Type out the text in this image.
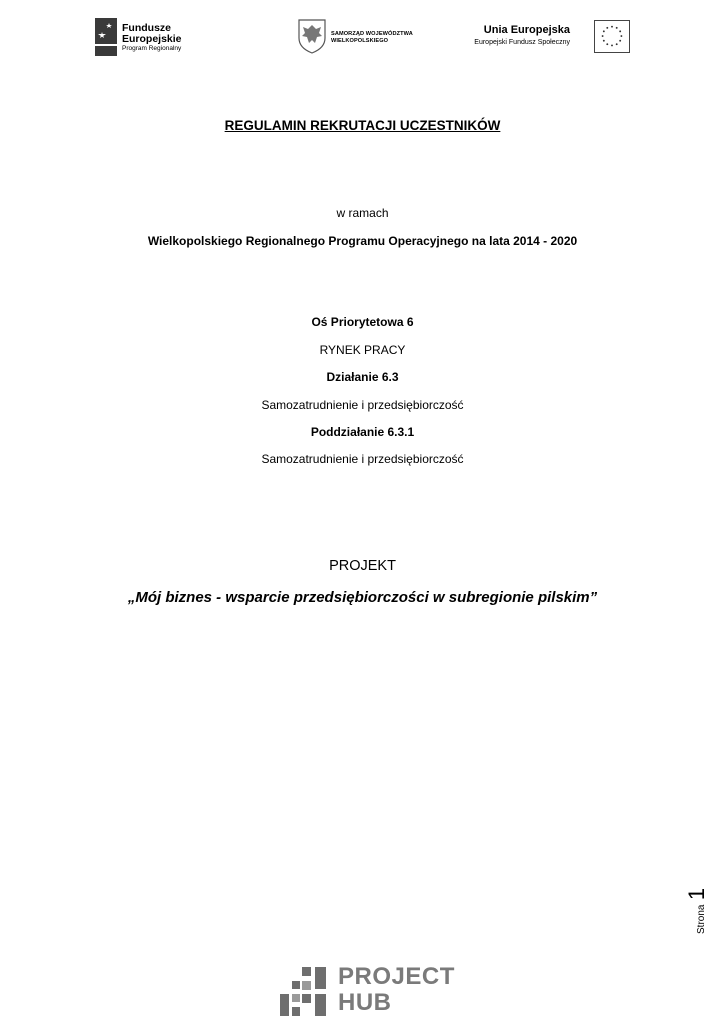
Fundusze
Europejskie
Program Regionalny
SAMORZĄD WOJEWÓDZTWA
WIELKOPOLSKIEGO
Unia Europejska
Europejski Fundusz Społeczny
REGULAMIN REKRUTACJI UCZESTNIKÓW
w ramach
Wielkopolskiego Regionalnego Programu Operacyjnego na lata 2014 - 2020
Oś Priorytetowa 6
RYNEK PRACY
Działanie 6.3
Samozatrudnienie i przedsiębiorczość
Poddziałanie 6.3.1
Samozatrudnienie i przedsiębiorczość
PROJEKT
„Mój biznes - wsparcie przedsiębiorczości w subregionie pilskim”
Strona 1
PROJECT
HUB
